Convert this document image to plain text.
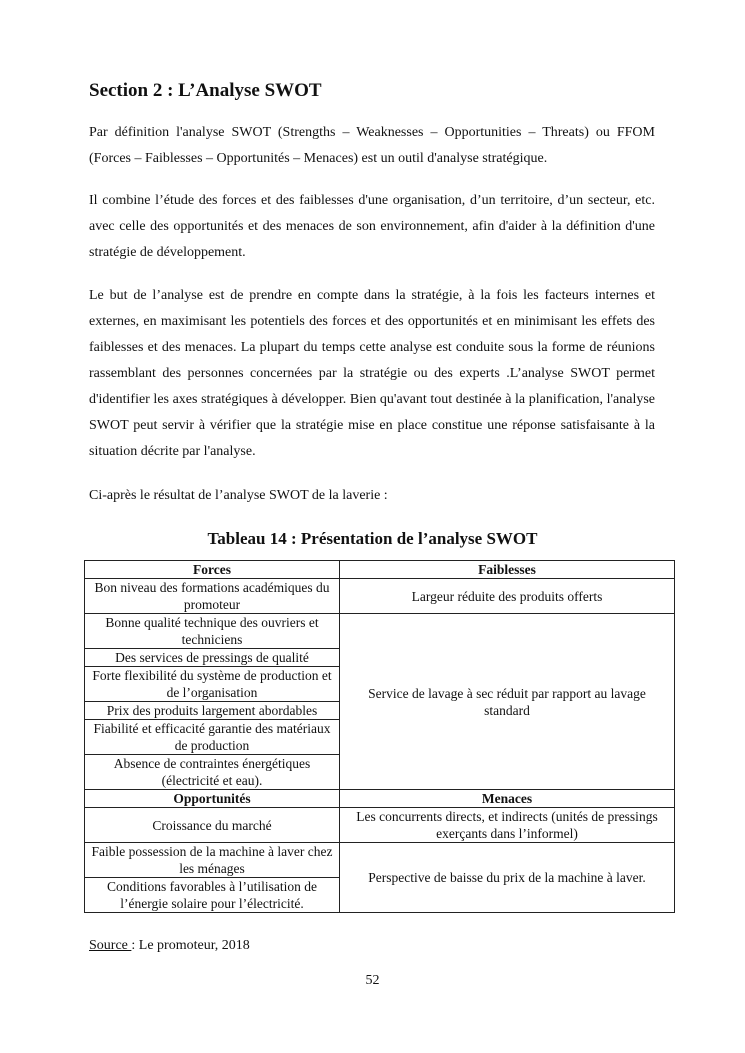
Section 2 : L’Analyse SWOT

Par définition l'analyse SWOT (Strengths – Weaknesses – Opportunities – Threats) ou FFOM (Forces – Faiblesses – Opportunités – Menaces) est un outil d'analyse stratégique.

Il combine l’étude des forces et des faiblesses d'une organisation, d’un territoire, d’un secteur, etc. avec celle des opportunités et des menaces de son environnement, afin d'aider à la définition d'une stratégie de développement.

Le but de l’analyse est de prendre en compte dans la stratégie, à la fois les facteurs internes et externes, en maximisant les potentiels des forces et des opportunités et en minimisant les effets des faiblesses et des menaces. La plupart du temps cette analyse est conduite sous la forme de réunions rassemblant des personnes concernées par la stratégie ou des experts .L’analyse SWOT permet d'identifier les axes stratégiques à développer. Bien qu'avant tout destinée à la planification, l'analyse SWOT peut servir à vérifier que la stratégie mise en place constitue une réponse satisfaisante à la situation décrite par l'analyse.

Ci-après le résultat de l’analyse SWOT de la laverie :

Tableau 14 : Présentation de l’analyse SWOT
Forces	Faiblesses
Bon niveau des formations académiques du promoteur	Largeur réduite des produits offerts
Bonne qualité technique des ouvriers et techniciens	Service de lavage à sec réduit par rapport au lavage standard
Des services de pressings de qualité	
Forte flexibilité du système de production et de l’organisation	
Prix des produits largement abordables	
Fiabilité et efficacité garantie des matériaux de production	
Absence de contraintes énergétiques (électricité et eau).	
Opportunités	Menaces
Croissance du marché	Les concurrents directs, et indirects (unités de pressings exerçants dans l’informel)
Faible possession de la machine à laver chez les ménages	Perspective de baisse du prix de la machine à laver.
Conditions favorables à l’utilisation de l’énergie solaire pour l’électricité.	

Source : Le promoteur, 2018

52
